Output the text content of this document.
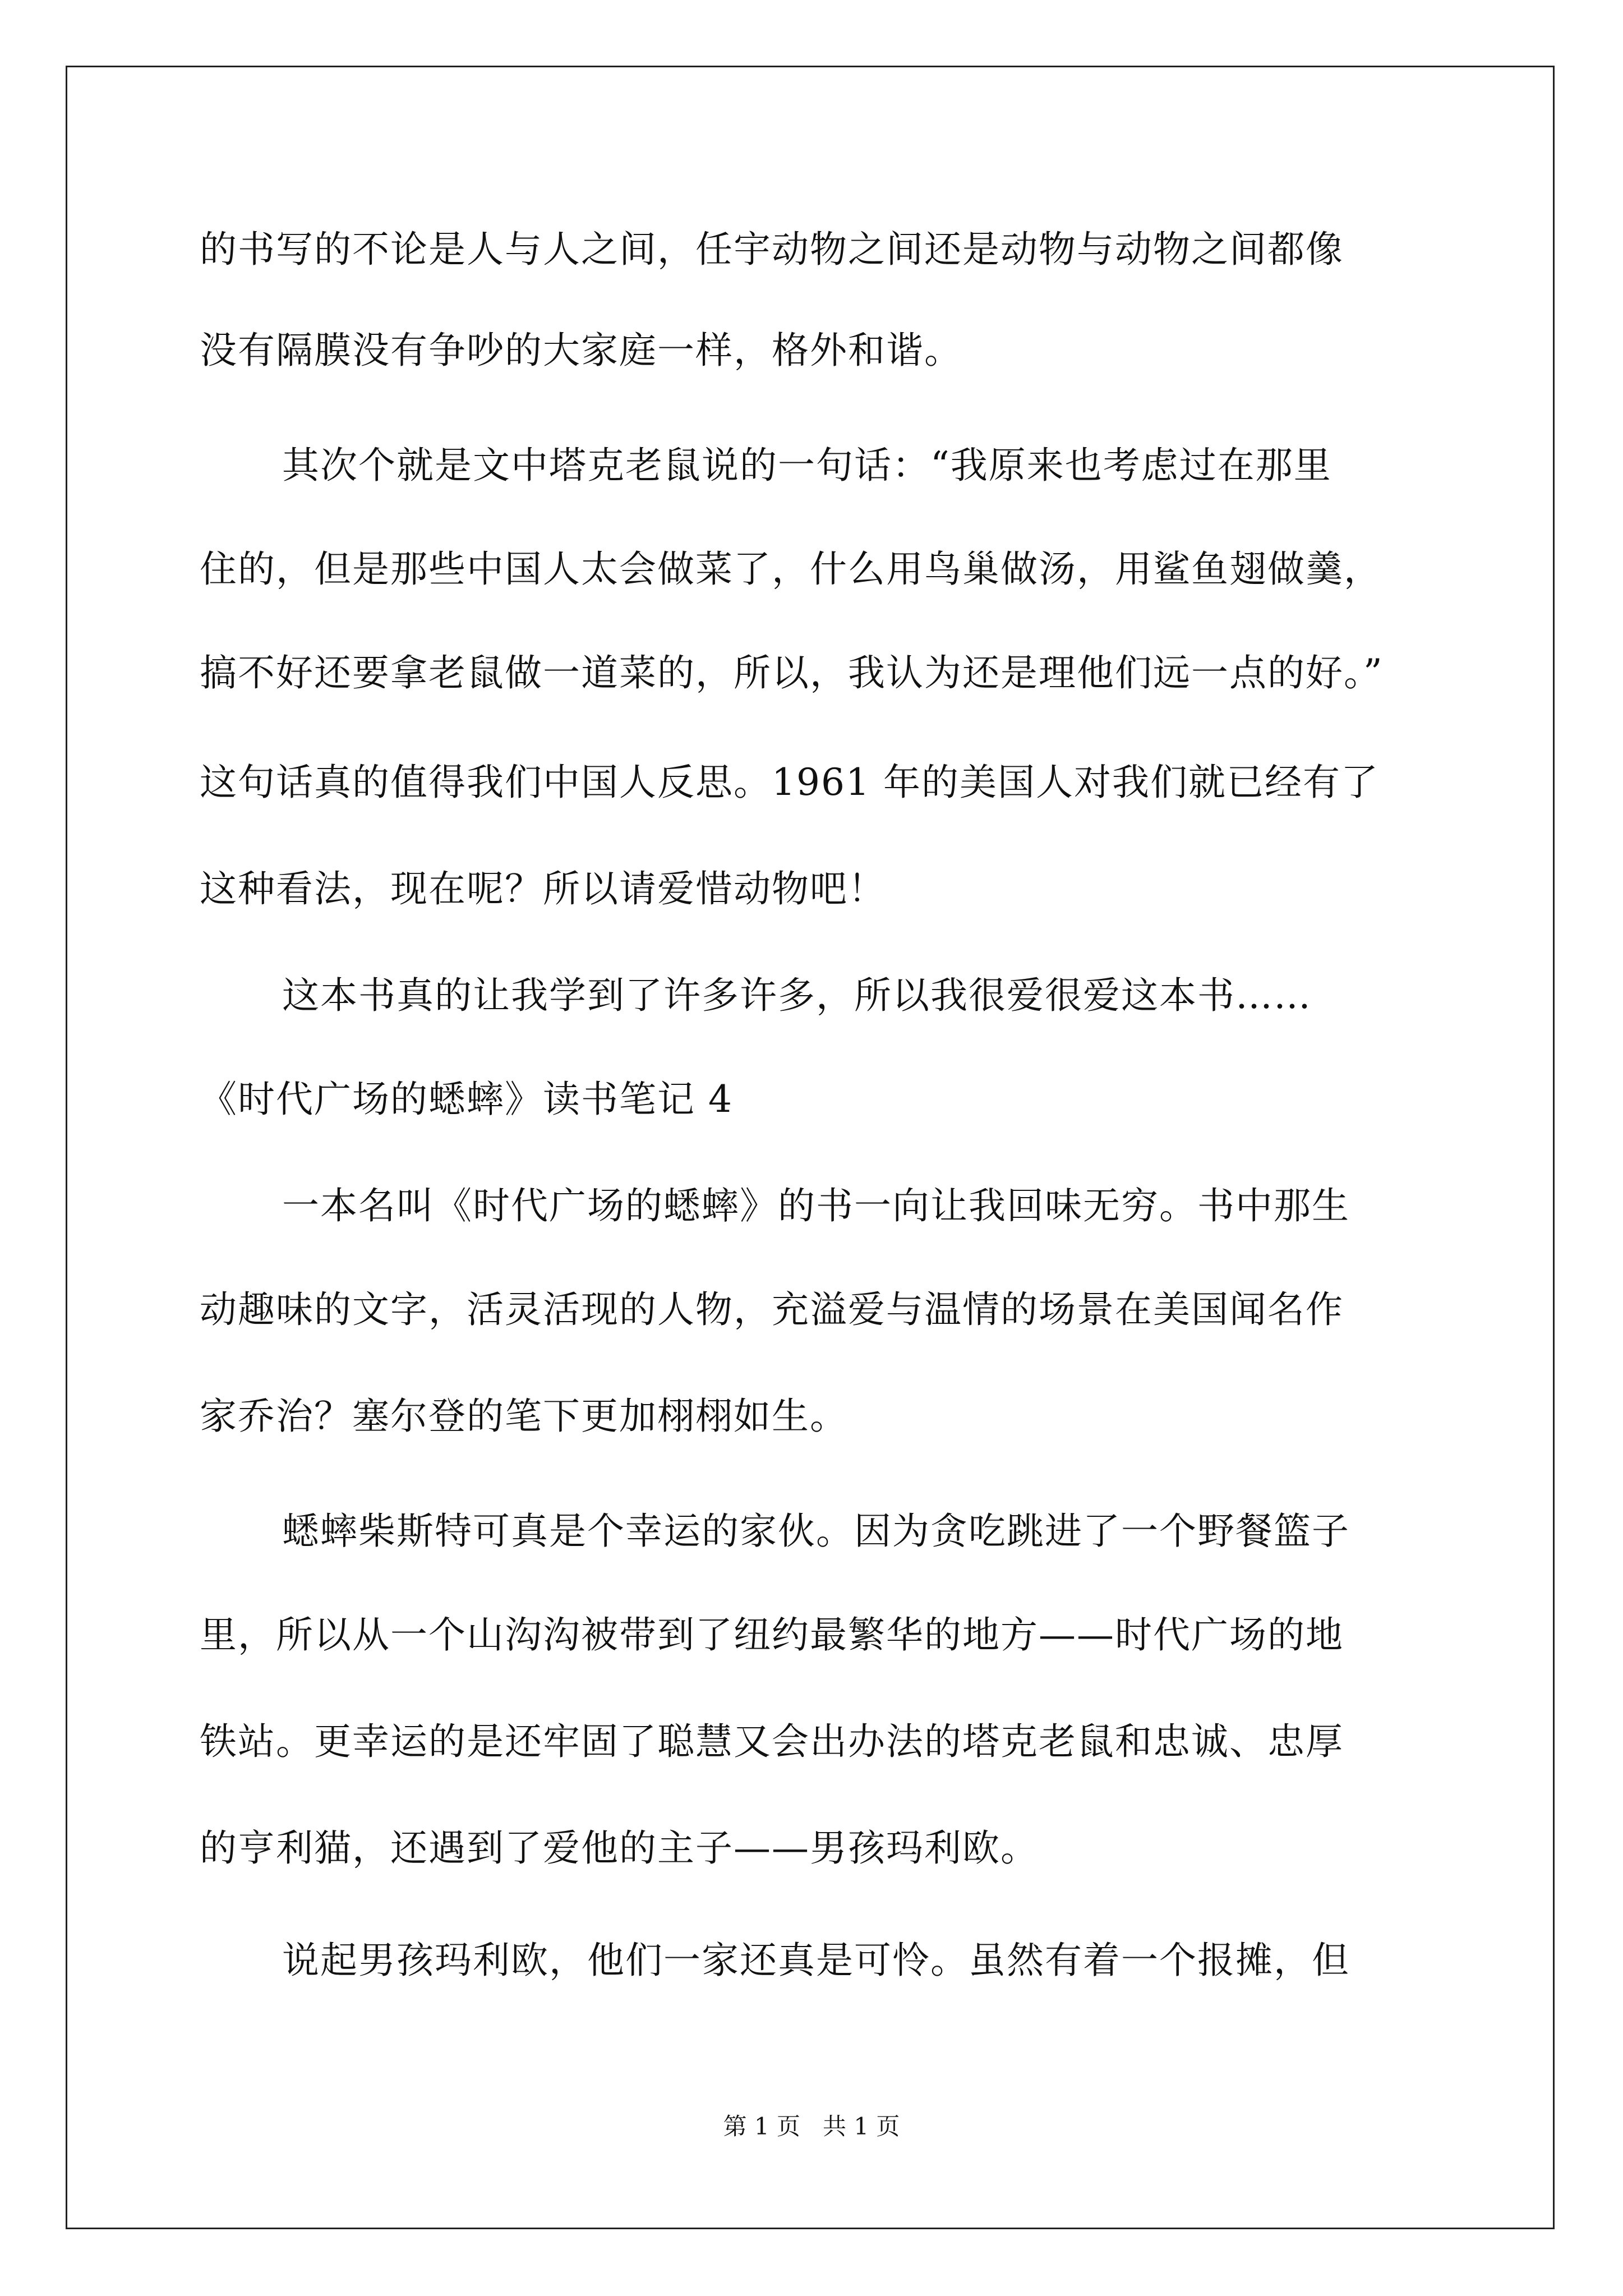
的书写的不论是人与人之间，任宇动物之间还是动物与动物之间都像
没有隔膜没有争吵的大家庭一样，格外和谐。
其次个就是文中塔克老鼠说的一句话：“我原来也考虑过在那里
住的，但是那些中国人太会做菜了，什么用鸟巢做汤，用鲨鱼翅做羹，
搞不好还要拿老鼠做一道菜的，所以，我认为还是理他们远一点的好。”
这句话真的值得我们中国人反思。1961 年的美国人对我们就已经有了
这种看法，现在呢？所以请爱惜动物吧！
这本书真的让我学到了许多许多，所以我很爱很爱这本书……
《时代广场的蟋蟀》读书笔记 4
一本名叫《时代广场的蟋蟀》的书一向让我回味无穷。书中那生
动趣味的文字，活灵活现的人物，充溢爱与温情的场景在美国闻名作
家乔治？塞尔登的笔下更加栩栩如生。
蟋蟀柴斯特可真是个幸运的家伙。因为贪吃跳进了一个野餐篮子
里，所以从一个山沟沟被带到了纽约最繁华的地方——时代广场的地
铁站。更幸运的是还牢固了聪慧又会出办法的塔克老鼠和忠诚、忠厚
的亨利猫，还遇到了爱他的主子——男孩玛利欧。
说起男孩玛利欧，他们一家还真是可怜。虽然有着一个报摊，但
第 1 页 共 1 页
